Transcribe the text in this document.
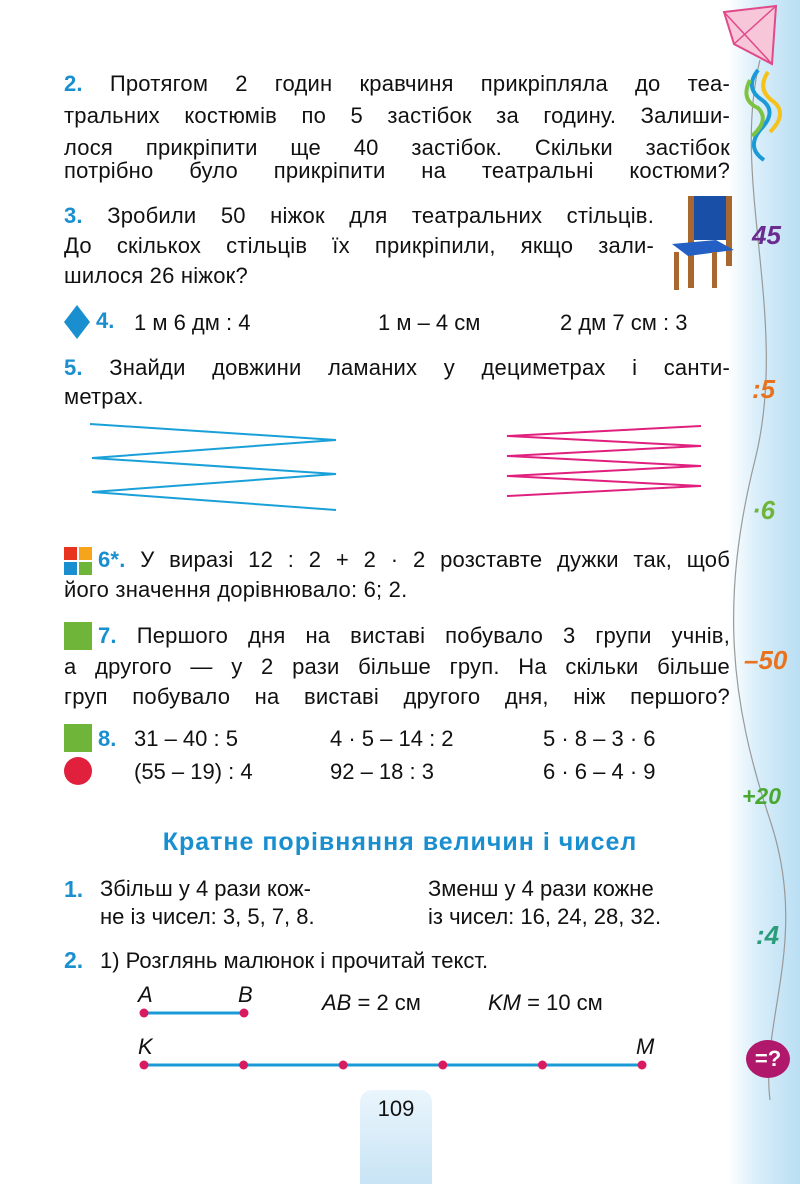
45
:5
·6
–50
+20
:4
=?
2. Протягом 2 годин кравчиня прикріпляла до теа-
тральних костюмів по 5 застібок за годину. Залиши-
лося прикріпити ще 40 застібок. Скільки застібок
потрібно було прикріпити на театральні костюми?
3. Зробили 50 ніжок для театральних стільців.
До скількох стільців їх прикріпили, якщо зали-
шилося 26 ніжок?
4. 1 м 6 дм : 4	1 м – 4 см	2 дм 7 см : 3
5. Знайди довжини ламаних у дециметрах і санти-
метрах.
6*. У виразі 12 : 2 + 2 · 2 розставте дужки так, щоб
його значення дорівнювало: 6; 2.
7. Першого дня на виставі побувало 3 групи учнів,
а другого — у 2 рази більше груп. На скільки більше
груп побувало на виставі другого дня, ніж першого?
8. 31 – 40 : 5	4 · 5 – 14 : 2	5 · 8 – 3 · 6
(55 – 19) : 4	92 – 18 : 3	6 · 6 – 4 · 9
Кратне порівняння величин і чисел
1. Збільш у 4 рази кож-
не із чисел: 3, 5, 7, 8.
Зменш у 4 рази кожне
із чисел: 16, 24, 28, 32.
2. 1) Розглянь малюнок і прочитай текст.
A	B	AB = 2 см	KM = 10 см
K	M
109
